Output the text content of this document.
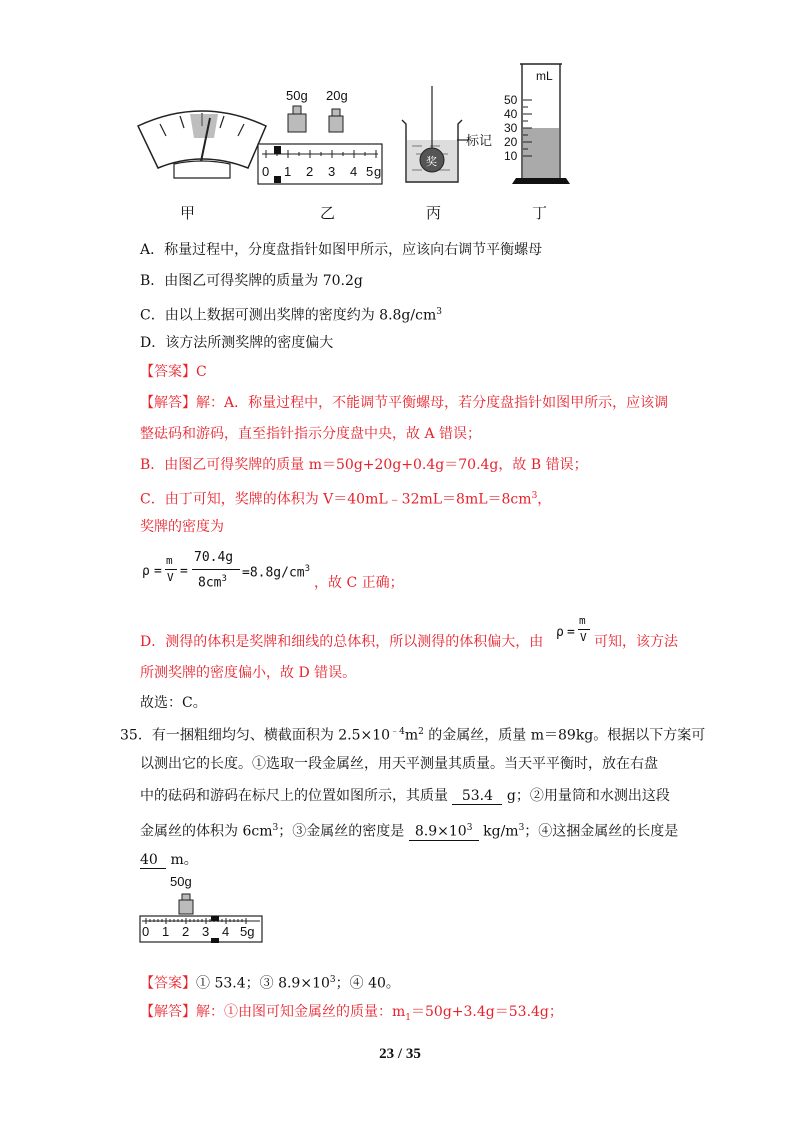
50g 20g
0 1 2 3 4 5 g
标记
奖
mL
50
40
30
20
10
甲	乙	丙	丁
A．称量过程中，分度盘指针如图甲所示，应该向右调节平衡螺母
B．由图乙可得奖牌的质量为 70.2g
C．由以上数据可测出奖牌的密度约为 $8.8g/cm^3$
D．该方法所测奖牌的密度偏大
【答案】C
【解答】解：A．称量过程中，不能调节平衡螺母，若分度盘指针如图甲所示，应该调
整砝码和游码，直至指针指示分度盘中央，故 A 错误；
B．由图乙可得奖牌的质量 m＝50g+20g+0.4g＝70.4g，故 B 错误；
C．由丁可知，奖牌的体积为 $V=40mL﹣32mL=8mL=8cm^3$，
奖牌的密度为
ρ =
m
V =
70.4g
$8cm^3 =8.8g/cm^3$
，故 C 正确；
D．测得的体积是奖牌和细线的总体积，所以测得的体积偏大，由
ρ =
m
V 可知，该方法
所测奖牌的密度偏小，故 D 错误。
故选：C。
35．有一捆粗细均匀、横截面积为 $2.5\times 10^{﹣4}m^2$ 的金属丝，质量 m＝89kg。根据以下方案可
以测出它的长度。①选取一段金属丝，用天平测量其质量。当天平平衡时，放在右盘
中的砝码和游码在标尺上的位置如图所示，其质量 53.4 g；②用量筒和水测出这段
金属丝的体积为 $6cm^3$；③金属丝的密度是 $8.9\times 10^3$ $kg/m^3$；④这捆金属丝的长度是
40 m。
50g
0 1 2 3 4 5g
【答案】① 53.4；③ $8.9\times 10^3$；④ 40。
【解答】解：①由图可知金属丝的质量：$m_1=50g+3.4g=53.4g$；
23 / 35
